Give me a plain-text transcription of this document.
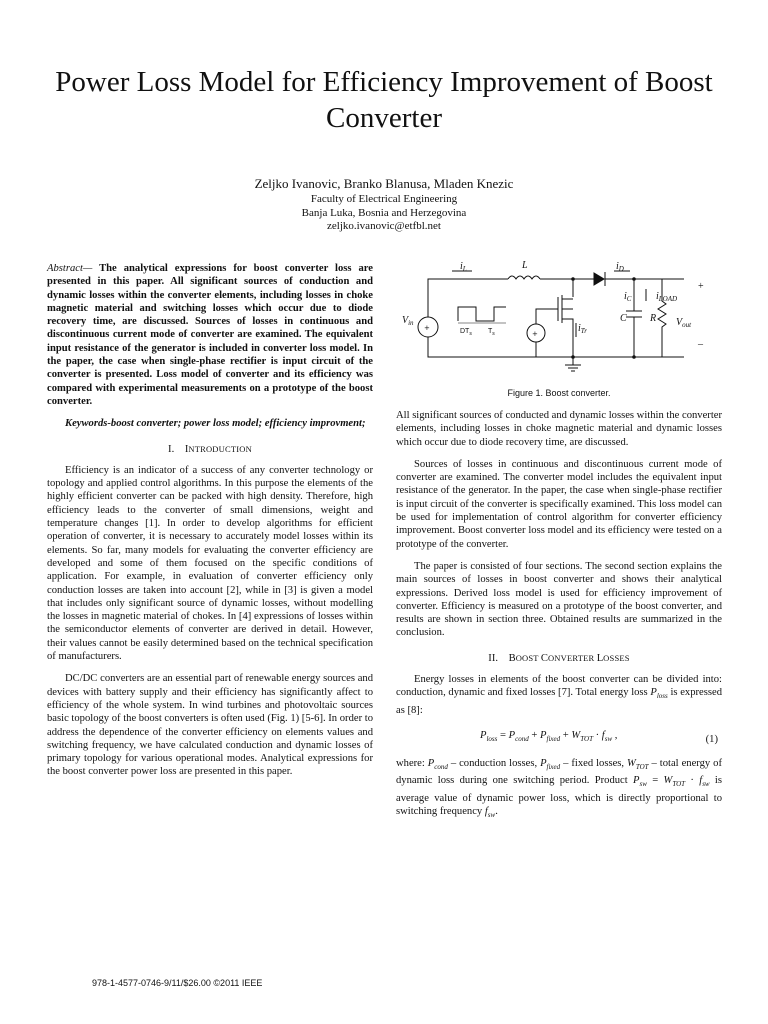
Power Loss Model for Efficiency Improvement of Boost Converter
Zeljko Ivanovic, Branko Blanusa, Mladen Knezic
Faculty of Electrical Engineering
Banja Luka, Bosnia and Herzegovina
zeljko.ivanovic@etfbl.net

Abstract— The analytical expressions for boost converter loss are presented in this paper. All significant sources of conduction and dynamic losses within the converter elements, including losses in choke magnetic material and switching losses which occur due to diode recovery time, are discussed. Sources of losses in continuous and discontinuous current mode of converter are examined. The equivalent input resistance of the generator is included in converter loss model. In the paper, the case when single-phase rectifier is input circuit of the converter is presented. Loss model of converter and its efficiency was compared with experimental measurements on a prototype of the boost converter.

Keywords-boost converter; power loss model; efficiency improvment;

I. INTRODUCTION

Efficiency is an indicator of a success of any converter technology or topology and applied control algorithms. In this purpose the elements of the highly efficient converter can be packed with high density. Therefore, high efficiency leads to the converter of small dimensions, weight and temperature changes [1]. In order to develop algorithms for efficient operation of converter, it is necessary to accurately model losses within its elements. So far, many models for evaluating the converter efficiency are developed and some of them focused on the specific conditions of application. For example, in evaluation of converter efficiency only conduction losses are taken into account [2], while in [3] is given a model that includes only significant source of dynamic losses, without modelling the losses in magnetic material of chokes. In [4] expressions of losses within the semiconductor elements of converter are derived in detail. However, their values cannot be easily determined based on the technical specification of manufacturers.

DC/DC converters are an essential part of renewable energy sources and devices with battery supply and their efficiency has significantly affect to efficiency of the whole system. In wind turbines and photovoltaic sources basic topology of the boost converters is often used (Fig. 1) [5-6]. In order to address the dependence of the converter efficiency on elements values and switching frequency, we have calculated conduction and dynamic losses of primary topology for various operational modes. Analytical expressions for the boost converter power loss are presented in this paper.

$i_L$	L	$i_D$
$i_C$ $i_{LOAD}$
$V_{in}$	$i_{Tr}$
C R $V_{out}$
+
_
$DT_s$ $T_s$
+
+
Figure 1. Boost converter.

All significant sources of conducted and dynamic losses within the converter elements, including losses in choke magnetic material and dynamic losses which occur due to diode recovery time, are discussed.

Sources of losses in continuous and discontinuous current mode of converter are examined. The converter model includes the equivalent input resistance of the generator. In the paper, the case when single-phase rectifier is input circuit of the converter is specifically examined. This loss model can be used for implementation of control algorithm for converter efficiency improvement. Boost converter loss model and its efficiency were tested on a prototype of the converter.

The paper is consisted of four sections. The second section explains the main sources of losses in boost converter and shows their analytical expressions. Derived loss model is used for efficiency improvement of converter. Efficiency is measured on a prototype of the boost converter, and results are shown in section three. Obtained results are summarized in the conclusion.

II. BOOST CONVERTER LOSSES

Energy losses in elements of the boost converter can be divided into: conduction, dynamic and fixed losses [7]. Total energy loss $P_{loss}$ is expressed as [8]:

$P_{loss} = P_{cond} + P_{fixed} + W_{TOT} \cdot f_{sw}$ ,	(1)

where: $P_{cond}$ – conduction losses, $P_{fixed}$ – fixed losses, $W_{TOT}$ – total energy of dynamic loss during one switching period. Product $P_{sw} = W_{TOT} \cdot f_{sw}$ is average value of dynamic power loss, which is directly proportional to switching frequency $f_{sw}$.

978-1-4577-0746-9/11/$26.00 ©2011 IEEE
